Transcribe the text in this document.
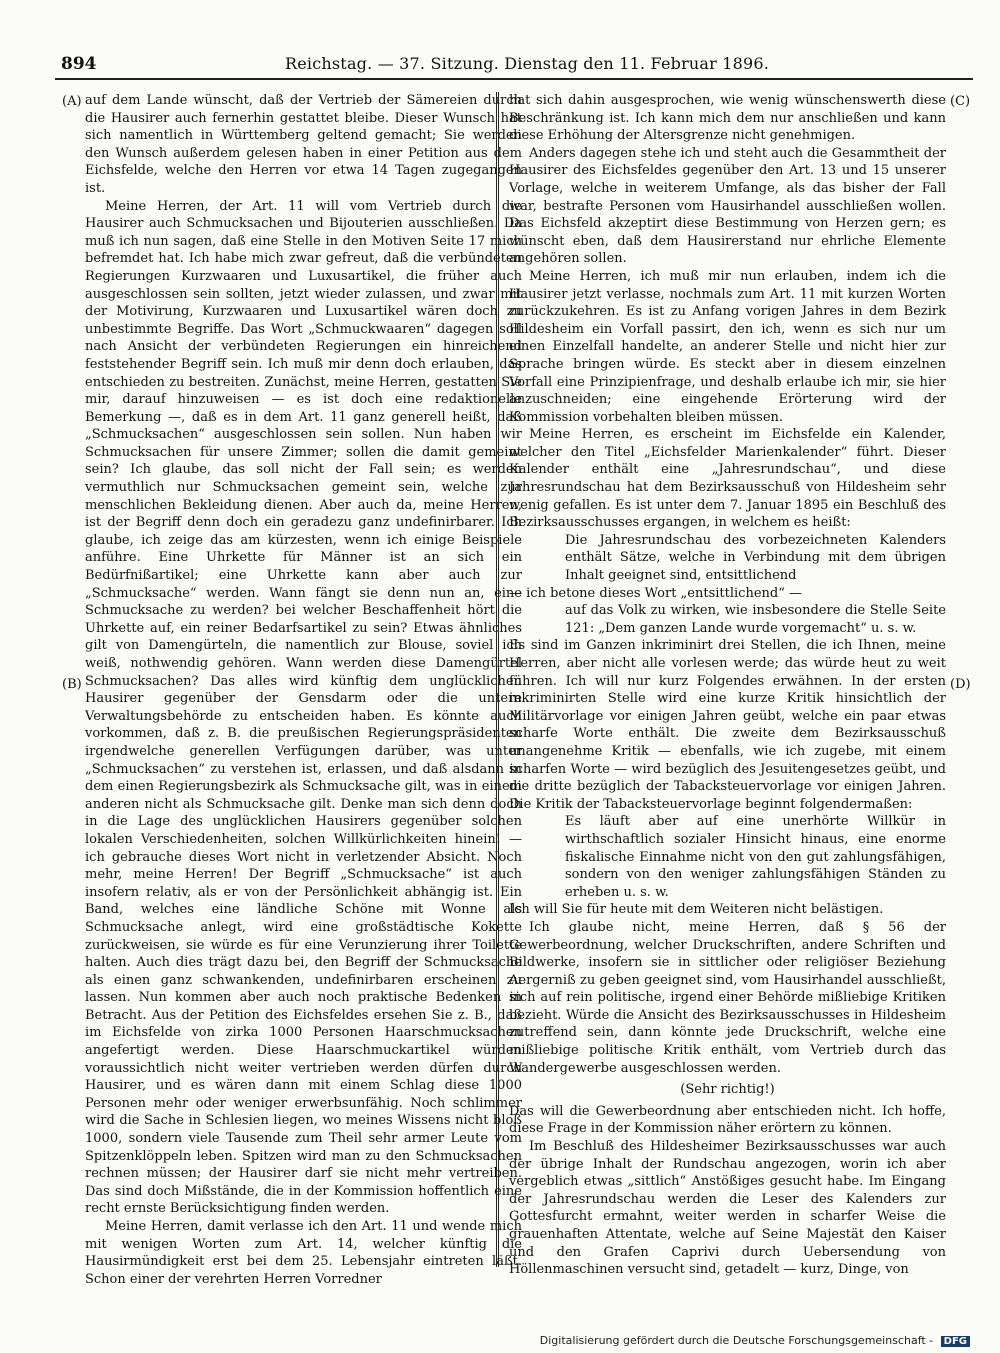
894	Reichstag. — 37. Sitzung. Dienstag den 11. Februar 1896.
(A)
(B)
(C)
(D)

auf dem Lande wünscht, daß der Vertrieb der Sämereien durch die Hausirer auch fernerhin gestattet bleibe. Dieser Wunsch hat sich namentlich in Württemberg geltend gemacht; Sie werden den Wunsch außerdem gelesen haben in einer Petition aus dem Eichsfelde, welche den Herren vor etwa 14 Tagen zugegangen ist.

Meine Herren, der Art. 11 will vom Vertrieb durch die Hausirer auch Schmucksachen und Bijouterien ausschließen. Da muß ich nun sagen, daß eine Stelle in den Motiven Seite 17 mich befremdet hat. Ich habe mich zwar gefreut, daß die verbündeten Regierungen Kurzwaaren und Luxusartikel, die früher auch ausgeschlossen sein sollten, jetzt wieder zulassen, und zwar mit der Motivirung, Kurzwaaren und Luxusartikel wären doch zu unbestimmte Begriffe. Das Wort „Schmuckwaaren“ dagegen soll nach Ansicht der verbündeten Regierungen ein hinreichend feststehender Begriff sein. Ich muß mir denn doch erlauben, das entschieden zu bestreiten. Zunächst, meine Herren, gestatten Sie mir, darauf hinzuweisen — es ist doch eine redaktionelle Bemerkung —, daß es in dem Art. 11 ganz generell heißt, daß „Schmucksachen“ ausgeschlossen sein sollen. Nun haben wir Schmucksachen für unsere Zimmer; sollen die damit gemeint sein? Ich glaube, das soll nicht der Fall sein; es werden vermuthlich nur Schmucksachen gemeint sein, welche zur menschlichen Bekleidung dienen. Aber auch da, meine Herren, ist der Begriff denn doch ein geradezu ganz undefinirbarer. Ich glaube, ich zeige das am kürzesten, wenn ich einige Beispiele anführe. Eine Uhrkette für Männer ist an sich ein Bedürfnißartikel; eine Uhrkette kann aber auch zur „Schmucksache“ werden. Wann fängt sie denn nun an, eine Schmucksache zu werden? bei welcher Beschaffenheit hört die Uhrkette auf, ein reiner Bedarfsartikel zu sein? Etwas ähnliches gilt von Damengürteln, die namentlich zur Blouse, soviel ich weiß, nothwendig gehören. Wann werden diese Damengürtel Schmucksachen? Das alles wird künftig dem unglücklichen Hausirer gegenüber der Gensdarm oder die untere Verwaltungsbehörde zu entscheiden haben. Es könnte auch vorkommen, daß z. B. die preußischen Regierungspräsidenten irgendwelche generellen Verfügungen darüber, was unter „Schmucksachen“ zu verstehen ist, erlassen, und daß alsdann in dem einen Regierungsbezirk als Schmucksache gilt, was in einem anderen nicht als Schmucksache gilt. Denke man sich denn doch in die Lage des unglücklichen Hausirers gegenüber solchen lokalen Verschiedenheiten, solchen Willkürlichkeiten hinein! — ich gebrauche dieses Wort nicht in verletzender Absicht. Noch mehr, meine Herren! Der Begriff „Schmucksache“ ist auch insofern relativ, als er von der Persönlichkeit abhängig ist. Ein Band, welches eine ländliche Schöne mit Wonne als Schmucksache anlegt, wird eine großstädtische Kokette zurückweisen, sie würde es für eine Verunzierung ihrer Toilette halten. Auch dies trägt dazu bei, den Begriff der Schmucksache als einen ganz schwankenden, undefinirbaren erscheinen zu lassen. Nun kommen aber auch noch praktische Bedenken in Betracht. Aus der Petition des Eichsfeldes ersehen Sie z. B., daß im Eichsfelde von zirka 1000 Personen Haarschmucksachen angefertigt werden. Diese Haarschmuckartikel würden voraussichtlich nicht weiter vertrieben werden dürfen durch Hausirer, und es wären dann mit einem Schlag diese 1000 Personen mehr oder weniger erwerbsunfähig. Noch schlimmer wird die Sache in Schlesien liegen, wo meines Wissens nicht bloß 1000, sondern viele Tausende zum Theil sehr armer Leute vom Spitzenklöppeln leben. Spitzen wird man zu den Schmucksachen rechnen müssen; der Hausirer darf sie nicht mehr vertreiben. Das sind doch Mißstände, die in der Kommission hoffentlich eine recht ernste Berücksichtigung finden werden.

Meine Herren, damit verlasse ich den Art. 11 und wende mich mit wenigen Worten zum Art. 14, welcher künftig die Hausirmündigkeit erst bei dem 25. Lebensjahr eintreten läßt. Schon einer der verehrten Herren Vorredner

hat sich dahin ausgesprochen, wie wenig wünschenswerth diese Beschränkung ist. Ich kann mich dem nur anschließen und kann diese Erhöhung der Altersgrenze nicht genehmigen.

Anders dagegen stehe ich und steht auch die Gesammtheit der Hausirer des Eichsfeldes gegenüber den Art. 13 und 15 unserer Vorlage, welche in weiterem Umfange, als das bisher der Fall war, bestrafte Personen vom Hausirhandel ausschließen wollen. Das Eichsfeld akzeptirt diese Bestimmung von Herzen gern; es wünscht eben, daß dem Hausirerstand nur ehrliche Elemente angehören sollen.

Meine Herren, ich muß mir nun erlauben, indem ich die Hausirer jetzt verlasse, nochmals zum Art. 11 mit kurzen Worten zurückzukehren. Es ist zu Anfang vorigen Jahres in dem Bezirk Hildesheim ein Vorfall passirt, den ich, wenn es sich nur um einen Einzelfall handelte, an anderer Stelle und nicht hier zur Sprache bringen würde. Es steckt aber in diesem einzelnen Vorfall eine Prinzipienfrage, und deshalb erlaube ich mir, sie hier anzuschneiden; eine eingehende Erörterung wird der Kommission vorbehalten bleiben müssen.

Meine Herren, es erscheint im Eichsfelde ein Kalender, welcher den Titel „Eichsfelder Marienkalender“ führt. Dieser Kalender enthält eine „Jahresrundschau“, und diese Jahresrundschau hat dem Bezirksausschuß von Hildesheim sehr wenig gefallen. Es ist unter dem 7. Januar 1895 ein Beschluß des Bezirksausschusses ergangen, in welchem es heißt:

Die Jahresrundschau des vorbezeichneten Kalenders enthält Sätze, welche in Verbindung mit dem übrigen Inhalt geeignet sind, entsittlichend

— ich betone dieses Wort „entsittlichend“ —

auf das Volk zu wirken, wie insbesondere die Stelle Seite 121: „Dem ganzen Lande wurde vorgemacht“ u. s. w.

Es sind im Ganzen inkriminirt drei Stellen, die ich Ihnen, meine Herren, aber nicht alle vorlesen werde; das würde heut zu weit führen. Ich will nur kurz Folgendes erwähnen. In der ersten inkriminirten Stelle wird eine kurze Kritik hinsichtlich der Militärvorlage vor einigen Jahren geübt, welche ein paar etwas scharfe Worte enthält. Die zweite dem Bezirksausschuß unangenehme Kritik — ebenfalls, wie ich zugebe, mit einem scharfen Worte — wird bezüglich des Jesuitengesetzes geübt, und die dritte bezüglich der Tabacksteuervorlage vor einigen Jahren. Die Kritik der Tabacksteuervorlage beginnt folgendermaßen:

Es läuft aber auf eine unerhörte Willkür in wirthschaftlich sozialer Hinsicht hinaus, eine enorme fiskalische Einnahme nicht von den gut zahlungsfähigen, sondern von den weniger zahlungsfähigen Ständen zu erheben u. s. w.

Ich will Sie für heute mit dem Weiteren nicht belästigen.

Ich glaube nicht, meine Herren, daß § 56 der Gewerbeordnung, welcher Druckschriften, andere Schriften und Bildwerke, insofern sie in sittlicher oder religiöser Beziehung Aergerniß zu geben geeignet sind, vom Hausirhandel ausschließt, sich auf rein politische, irgend einer Behörde mißliebige Kritiken bezieht. Würde die Ansicht des Bezirksausschusses in Hildesheim zutreffend sein, dann könnte jede Druckschrift, welche eine mißliebige politische Kritik enthält, vom Vertrieb durch das Wandergewerbe ausgeschlossen werden.

(Sehr richtig!)

Das will die Gewerbeordnung aber entschieden nicht. Ich hoffe, diese Frage in der Kommission näher erörtern zu können.

Im Beschluß des Hildesheimer Bezirksausschusses war auch der übrige Inhalt der Rundschau angezogen, worin ich aber vergeblich etwas „sittlich“ Anstößiges gesucht habe. Im Eingang der Jahresrundschau werden die Leser des Kalenders zur Gottesfurcht ermahnt, weiter werden in scharfer Weise die grauenhaften Attentate, welche auf Seine Majestät den Kaiser und den Grafen Caprivi durch Uebersendung von Höllenmaschinen versucht sind, getadelt — kurz, Dinge, von

Digitalisierung gefördert durch die Deutsche Forschungsgemeinschaft - DFG
